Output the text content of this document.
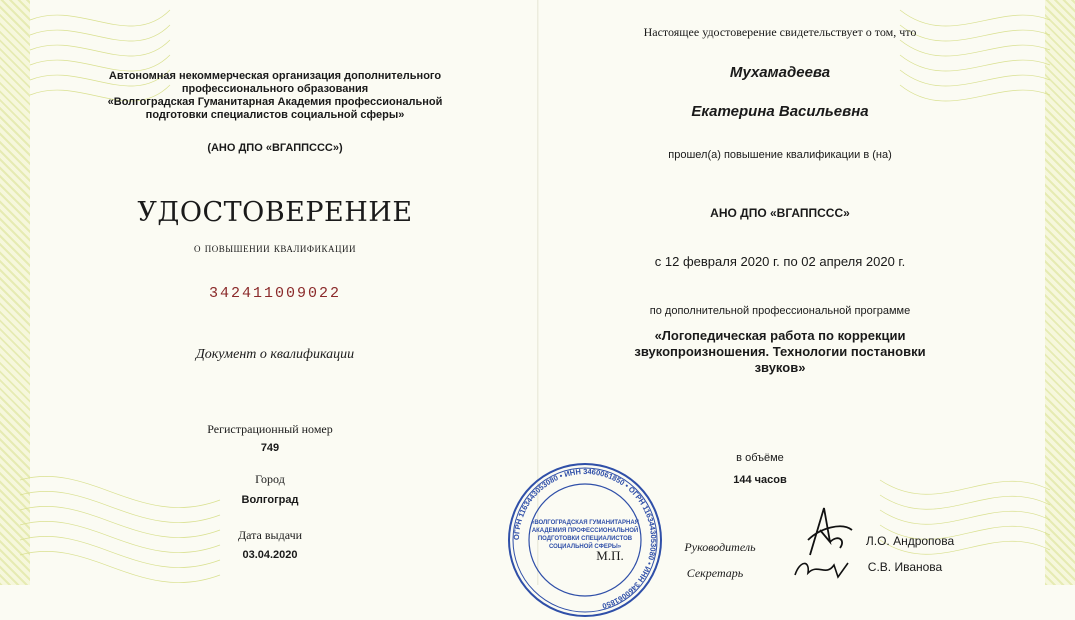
Автономная некоммерческая организация дополнительного
профессионального образования
«Волгоградская Гуманитарная Академия профессиональной
подготовки специалистов социальной сферы»
(АНО ДПО «ВГАППССС»)
УДОСТОВЕРЕНИЕ
о повышении квалификации
342411009022
Документ о квалификации
Регистрационный номер
749
Город
Волгоград
Дата выдачи
03.04.2020
Настоящее удостоверение свидетельствует о том, что
Мухамадеева
Екатерина Васильевна
прошел(а) повышение квалификации в (на)
АНО ДПО «ВГАППССС»
с 12 февраля 2020 г. по 02 апреля 2020 г.
по дополнительной профессиональной программе
«Логопедическая работа по коррекции
звукопроизношения. Технологии постановки
звуков»
в объёме
144 часов
Руководитель	Л.О. Андропова
Секретарь	С.В. Иванова
ОГРН 1163443053080 • ИНН 3460061850 • ОГРН 1163443053080 • ИНН 3460061850
«ВОЛГОГРАДСКАЯ ГУМАНИТАРНАЯ
АКАДЕМИЯ ПРОФЕССИОНАЛЬНОЙ
ПОДГОТОВКИ СПЕЦИАЛИСТОВ
СОЦИАЛЬНОЙ СФЕРЫ»
М.П.
